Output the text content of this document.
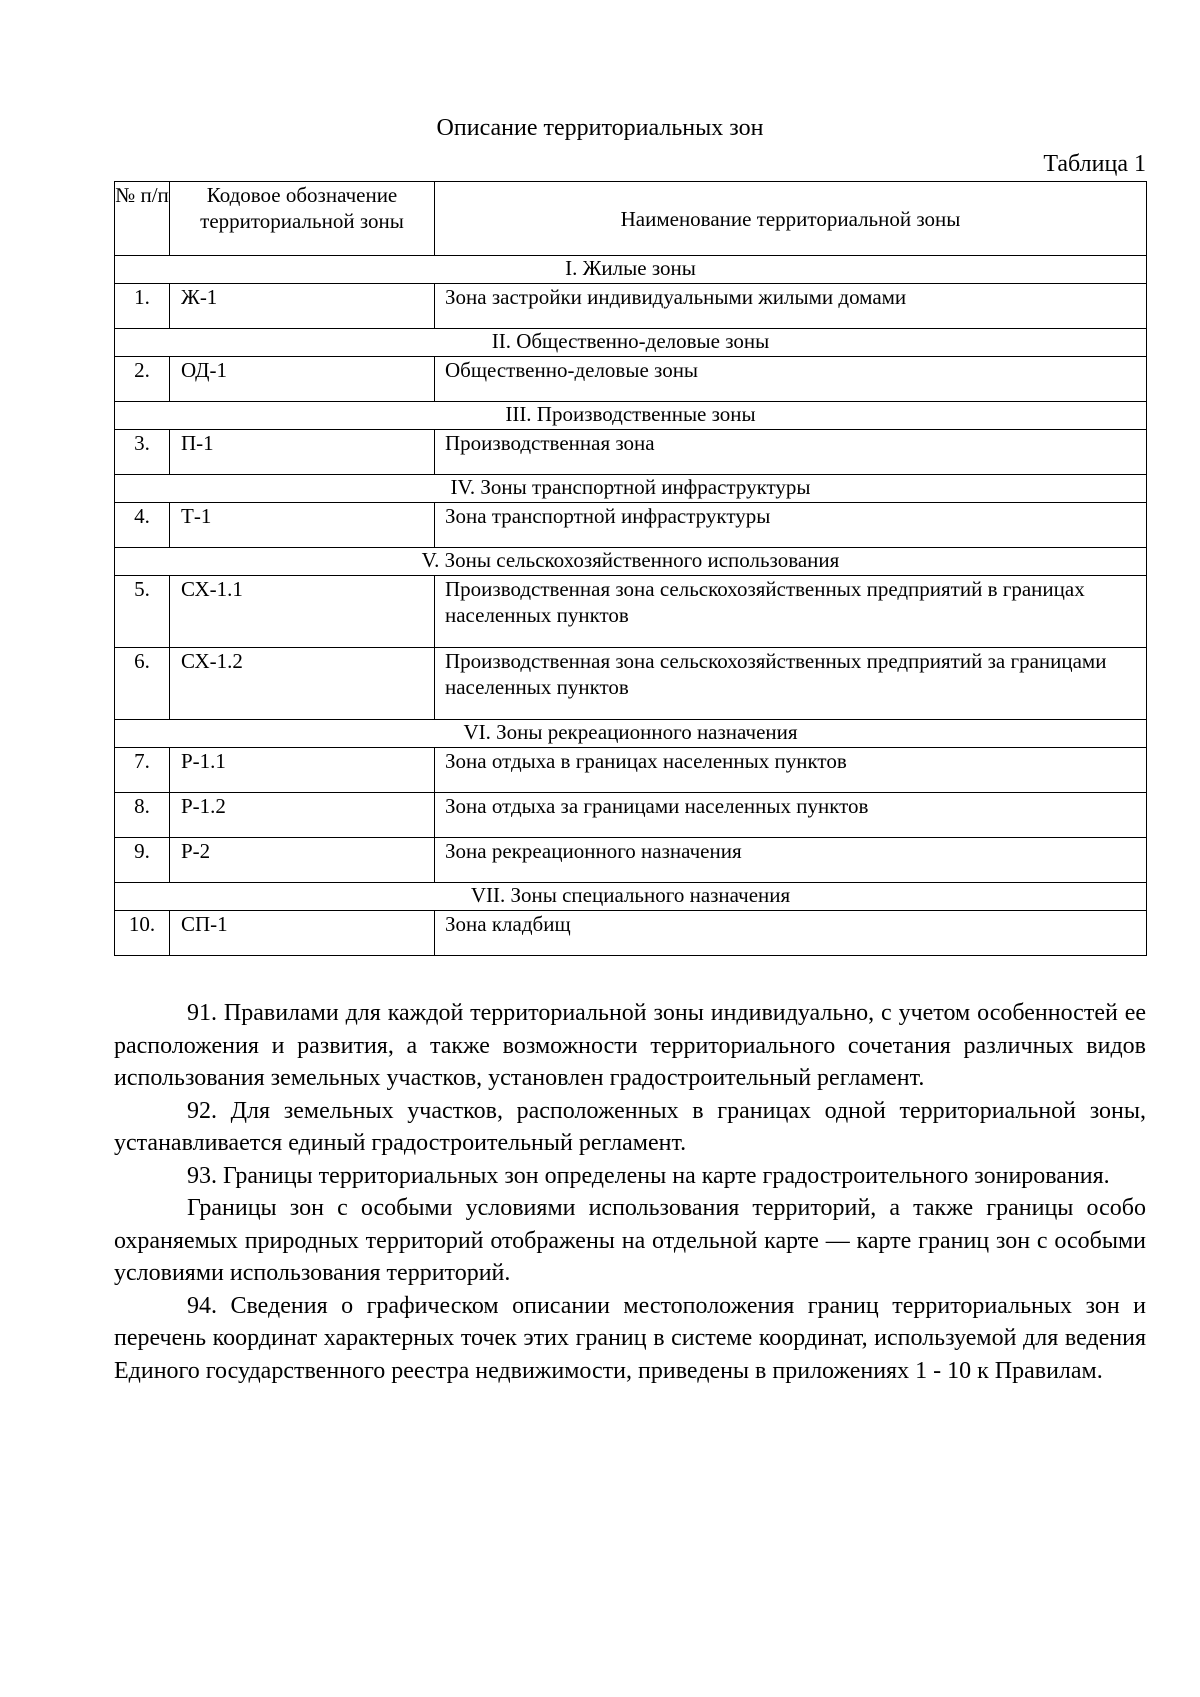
Описание территориальных зон
Таблица 1
№ п/п	Кодовое обозначение территориальной зоны	Наименование территориальной зоны
I. Жилые зоны		
1.	Ж-1	Зона застройки индивидуальными жилыми домами
II. Общественно-деловые зоны		
2.	ОД-1	Общественно-деловые зоны
III. Производственные зоны		
3.	П-1	Производственная зона
IV. Зоны транспортной инфраструктуры		
4.	Т-1	Зона транспортной инфраструктуры
V. Зоны сельскохозяйственного использования		
5.	СХ-1.1	Производственная зона сельскохозяйственных предприятий в границах населенных пунктов
6.	СХ-1.2	Производственная зона сельскохозяйственных предприятий за границами населенных пунктов
VI. Зоны рекреационного назначения		
7.	Р-1.1	Зона отдыха в границах населенных пунктов
8.	Р-1.2	Зона отдыха за границами населенных пунктов
9.	Р-2	Зона рекреационного назначения
VII. Зоны специального назначения		
10.	СП-1	Зона кладбищ

91. Правилами для каждой территориальной зоны индивидуально, с учетом особенностей ее расположения и развития, а также возможности территориального сочетания различных видов использования земельных участков, установлен градостроительный регламент.

92. Для земельных участков, расположенных в границах одной территориальной зоны, устанавливается единый градостроительный регламент.

93. Границы территориальных зон определены на карте градостроительного зонирования.

Границы зон с особыми условиями использования территорий, а также границы особо охраняемых природных территорий отображены на отдельной карте — карте границ зон с особыми условиями использования территорий.

94. Сведения о графическом описании местоположения границ территориальных зон и перечень координат характерных точек этих границ в системе координат, используемой для ведения Единого государственного реестра недвижимости, приведены в приложениях 1 - 10 к Правилам.
